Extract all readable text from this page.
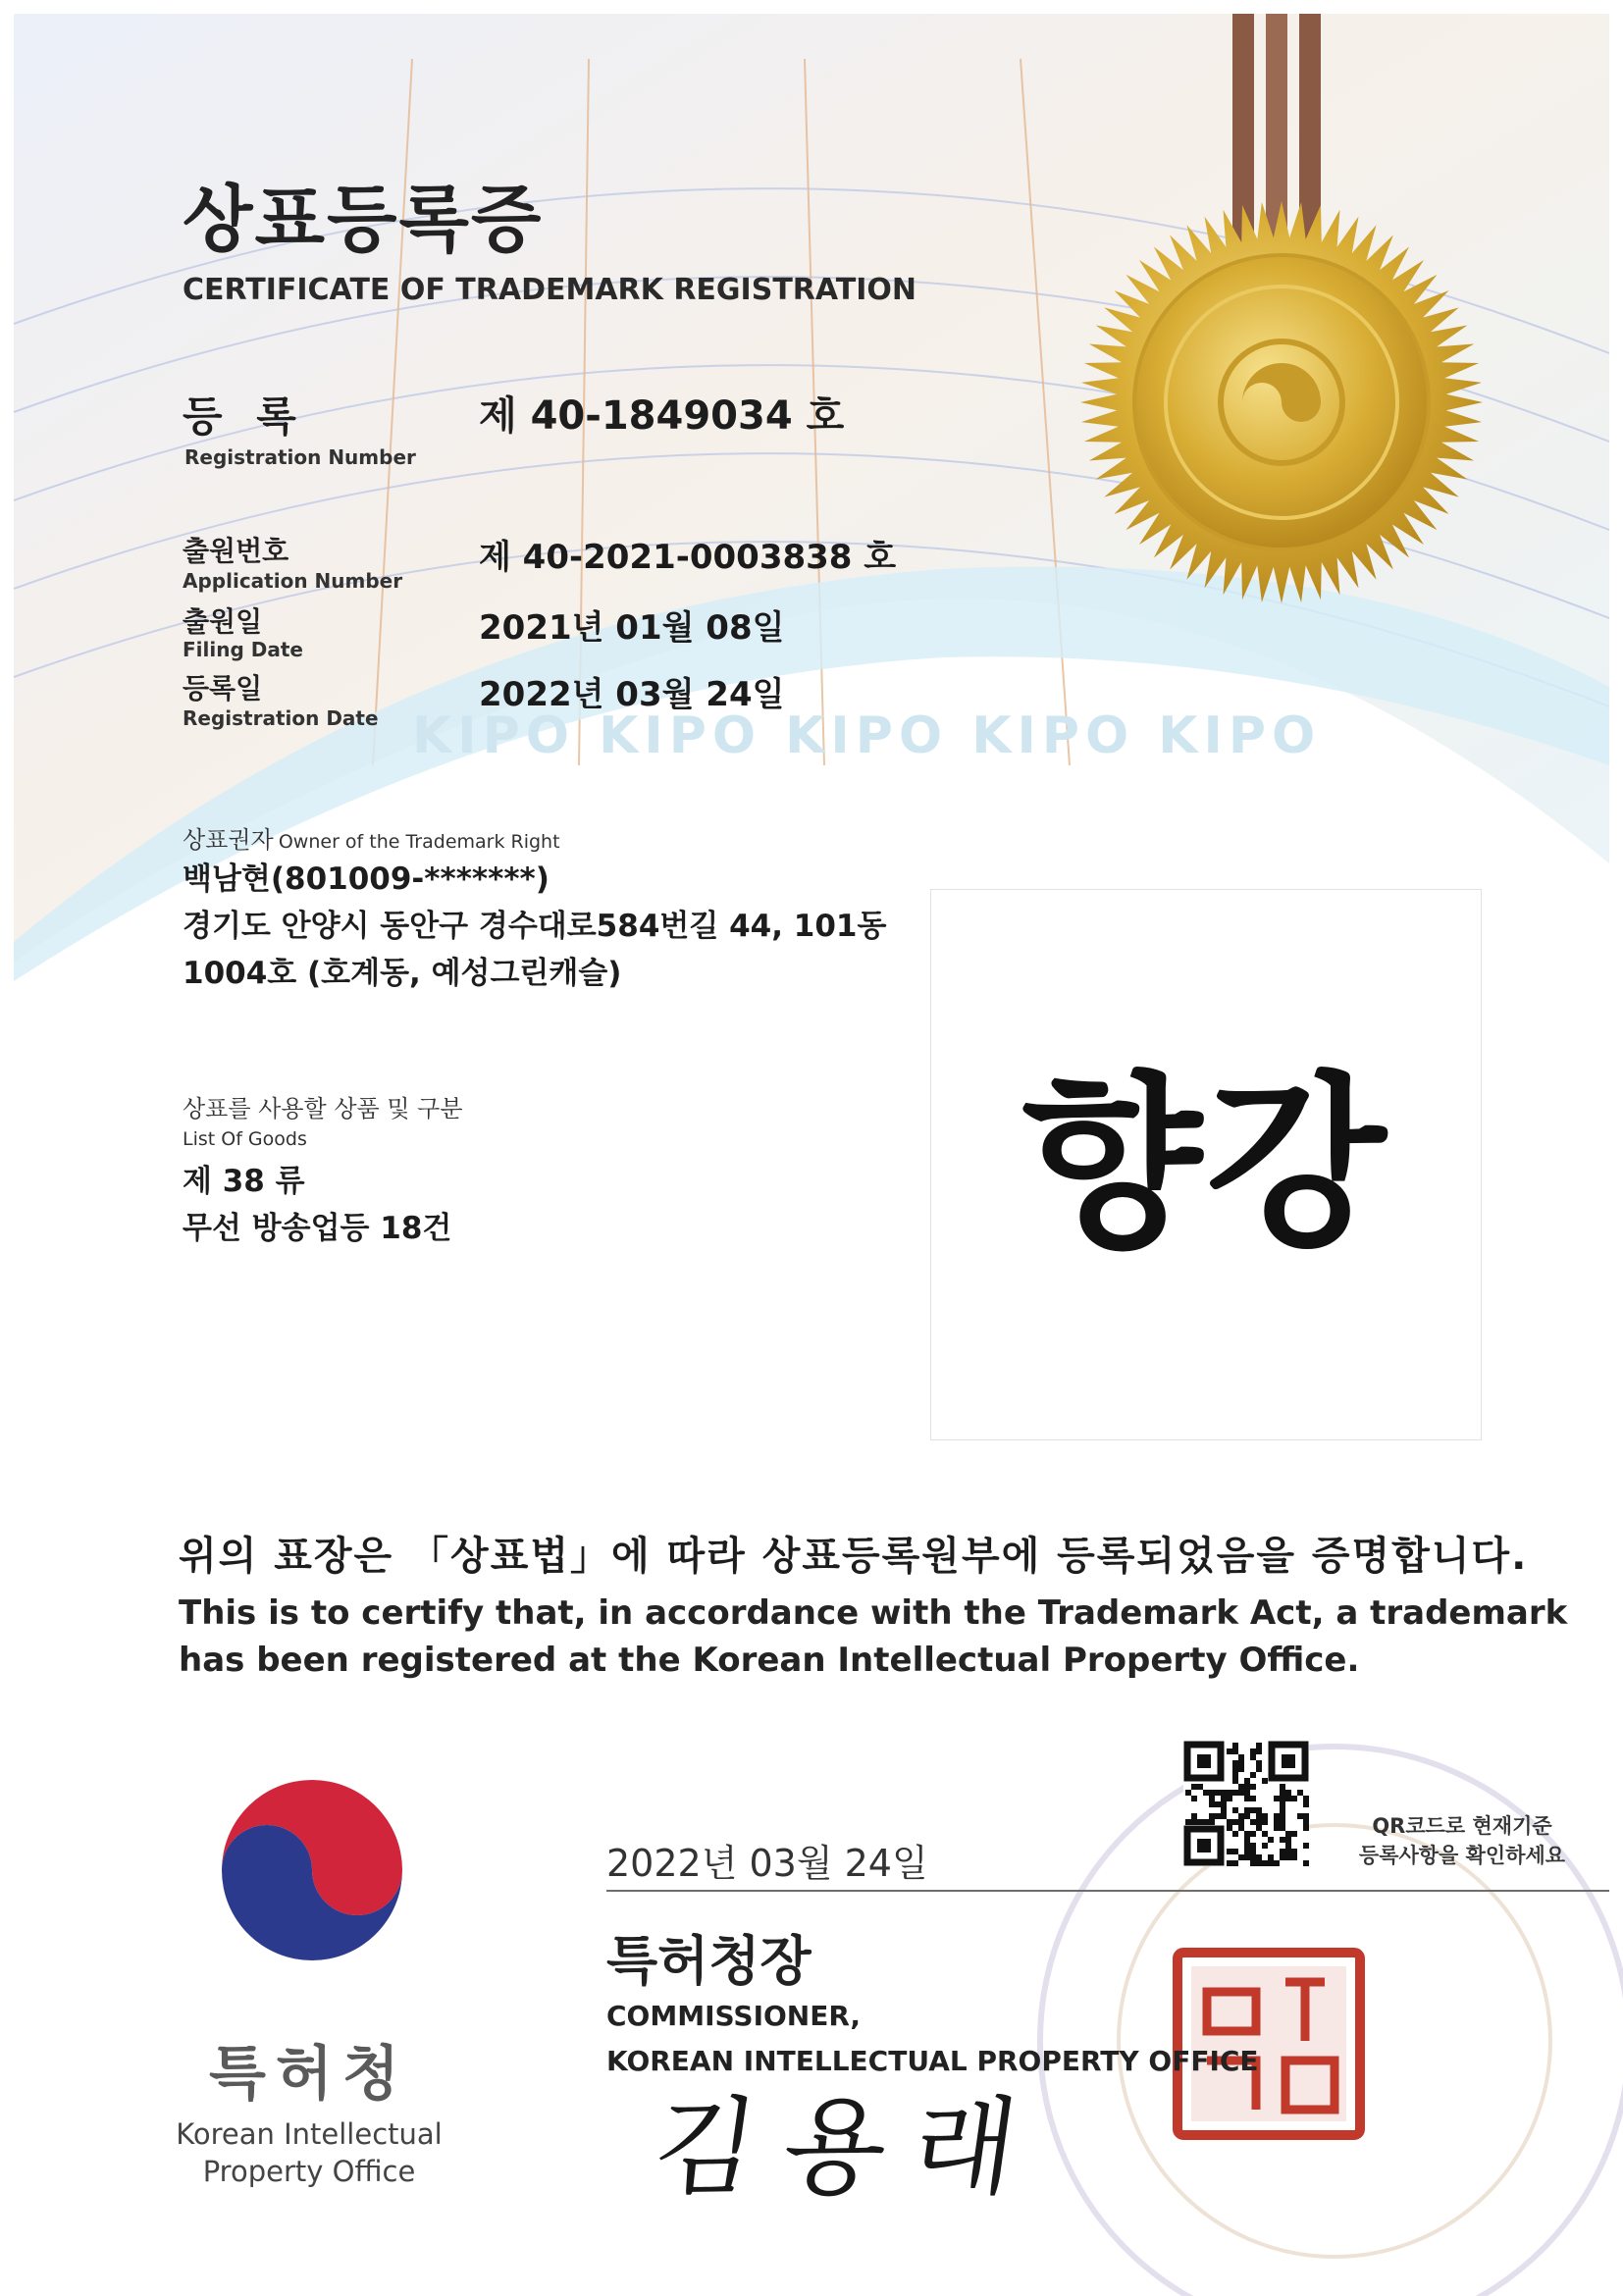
KIPO KIPO KIPO KIPO KIPO
상표등록증
CERTIFICATE OF TRADEMARK REGISTRATION
등 록
Registration Number
제 40-1849034 호
출원번호
Application Number
제 40-2021-0003838 호
출원일
Filing Date
2021년 01월 08일
등록일
Registration Date
2022년 03월 24일
상표권자 Owner of the Trademark Right
백남현(801009-*******)
경기도 안양시 동안구 경수대로584번길 44, 101동
1004호 (호계동, 예성그린캐슬)
상표를 사용할 상품 및 구분
List Of Goods
제 38 류
무선 방송업등 18건	향강
위의 표장은 「상표법」에 따라 상표등록원부에 등록되었음을 증명합니다.
This is to certify that, in accordance with the Trademark Act, a trademark
has been registered at the Korean Intellectual Property Office.
QR코드로 현재기준
등록사항을 확인하세요
2022년 03월 24일
특허청장
COMMISSIONER,
KOREAN INTELLECTUAL PROPERTY OFFICE
김용래
특허청
Korean Intellectual
Property Office
